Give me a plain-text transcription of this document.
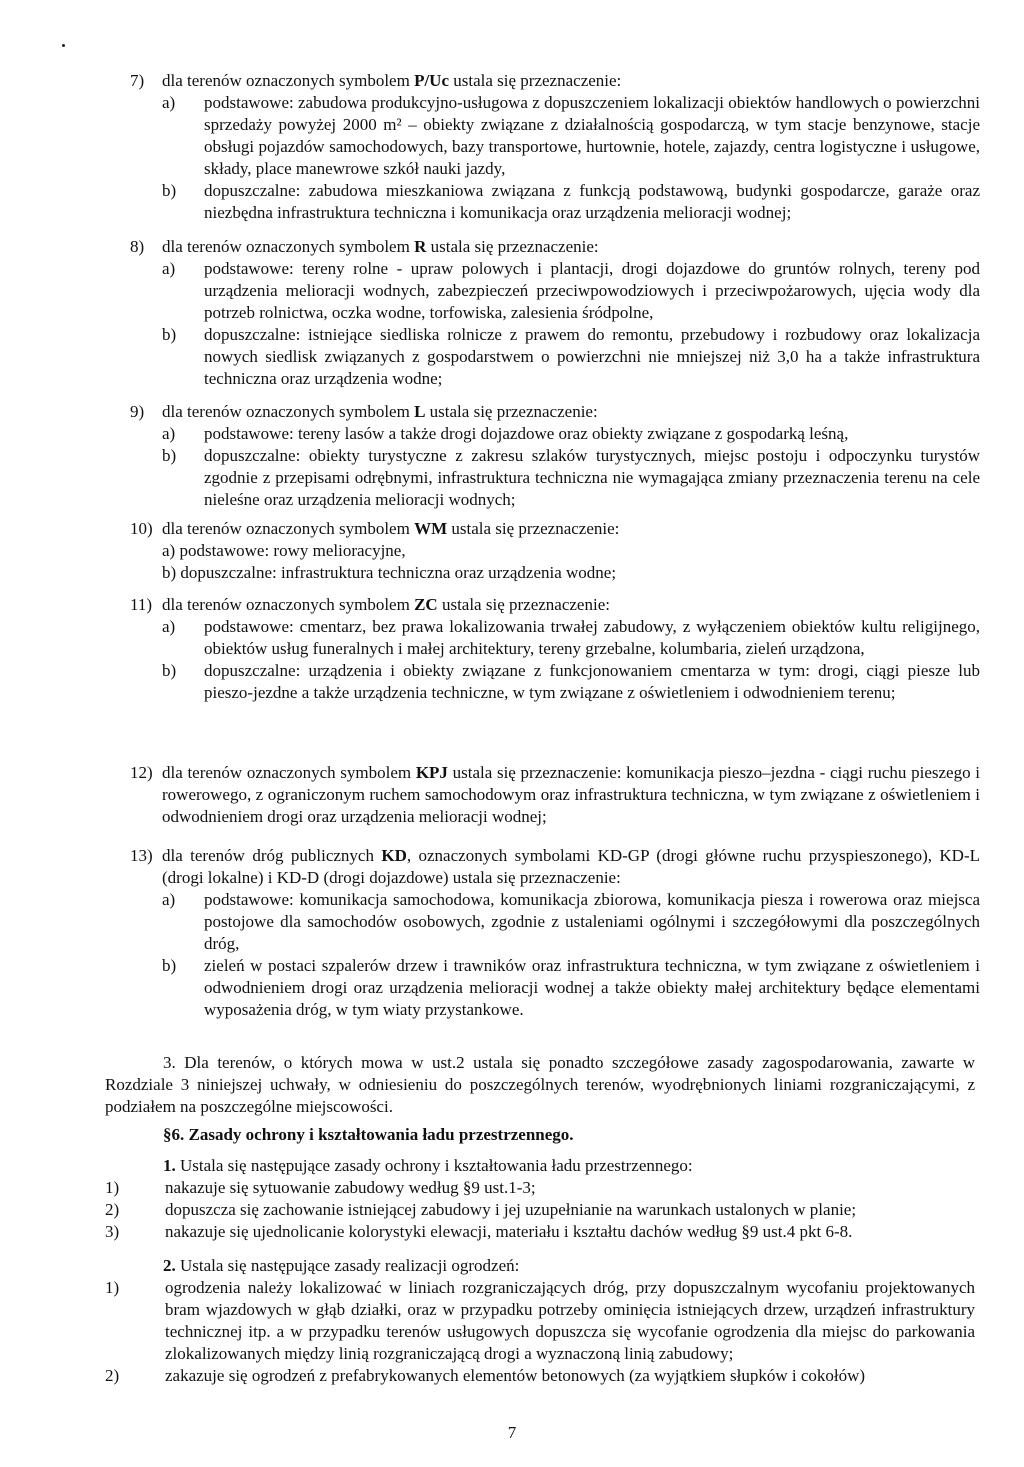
7) dla terenów oznaczonych symbolem P/Uc ustala się przeznaczenie:
a) podstawowe: zabudowa produkcyjno-usługowa z dopuszczeniem lokalizacji obiektów handlowych o powierzchni sprzedaży powyżej 2000 m² – obiekty związane z działalnością gospodarczą, w tym stacje benzynowe, stacje obsługi pojazdów samochodowych, bazy transportowe, hurtownie, hotele, zajazdy, centra logistyczne i usługowe, składy, place manewrowe szkół nauki jazdy,
b) dopuszczalne: zabudowa mieszkaniowa związana z funkcją podstawową, budynki gospodarcze, garaże oraz niezbędna infrastruktura techniczna i komunikacja oraz urządzenia melioracji wodnej;
8) dla terenów oznaczonych symbolem R ustala się przeznaczenie:
a) podstawowe: tereny rolne - upraw polowych i plantacji, drogi dojazdowe do gruntów rolnych, tereny pod urządzenia melioracji wodnych, zabezpieczeń przeciwpowodziowych i przeciwpożarowych, ujęcia wody dla potrzeb rolnictwa, oczka wodne, torfowiska, zalesienia śródpolne,
b) dopuszczalne: istniejące siedliska rolnicze z prawem do remontu, przebudowy i rozbudowy oraz lokalizacja nowych siedlisk związanych z gospodarstwem o powierzchni nie mniejszej niż 3,0 ha a także infrastruktura techniczna oraz urządzenia wodne;
9) dla terenów oznaczonych symbolem L ustala się przeznaczenie:
a) podstawowe: tereny lasów a także drogi dojazdowe oraz obiekty związane z gospodarką leśną,
b) dopuszczalne: obiekty turystyczne z zakresu szlaków turystycznych, miejsc postoju i odpoczynku turystów zgodnie z przepisami odrębnymi, infrastruktura techniczna nie wymagająca zmiany przeznaczenia terenu na cele nieleśne oraz urządzenia melioracji wodnych;
10) dla terenów oznaczonych symbolem WM ustala się przeznaczenie:
a) podstawowe: rowy melioracyjne,
b) dopuszczalne: infrastruktura techniczna oraz urządzenia wodne;
11) dla terenów oznaczonych symbolem ZC ustala się przeznaczenie:
a) podstawowe: cmentarz, bez prawa lokalizowania trwałej zabudowy, z wyłączeniem obiektów kultu religijnego, obiektów usług funeralnych i małej architektury, tereny grzebalne, kolumbaria, zieleń urządzona,
b) dopuszczalne: urządzenia i obiekty związane z funkcjonowaniem cmentarza w tym: drogi, ciągi piesze lub pieszo-jezdne a także urządzenia techniczne, w tym związane z oświetleniem i odwodnieniem terenu;
12) dla terenów oznaczonych symbolem KPJ ustala się przeznaczenie: komunikacja pieszo–jezdna - ciągi ruchu pieszego i rowerowego, z ograniczonym ruchem samochodowym oraz infrastruktura techniczna, w tym związane z oświetleniem i odwodnieniem drogi oraz urządzenia melioracji wodnej;
13) dla terenów dróg publicznych KD, oznaczonych symbolami KD-GP (drogi główne ruchu przyspieszonego), KD-L (drogi lokalne) i KD-D (drogi dojazdowe) ustala się przeznaczenie:
a) podstawowe: komunikacja samochodowa, komunikacja zbiorowa, komunikacja piesza i rowerowa oraz miejsca postojowe dla samochodów osobowych, zgodnie z ustaleniami ogólnymi i szczegółowymi dla poszczególnych dróg,
b) zieleń w postaci szpalerów drzew i trawników oraz infrastruktura techniczna, w tym związane z oświetleniem i odwodnieniem drogi oraz urządzenia melioracji wodnej a także obiekty małej architektury będące elementami wyposażenia dróg, w tym wiaty przystankowe.
3. Dla terenów, o których mowa w ust.2 ustala się ponadto szczegółowe zasady zagospodarowania, zawarte w Rozdziale 3 niniejszej uchwały, w odniesieniu do poszczególnych terenów, wyodrębnionych liniami rozgraniczającymi, z podziałem na poszczególne miejscowości.
§6. Zasady ochrony i kształtowania ładu przestrzennego.
1. Ustala się następujące zasady ochrony i kształtowania ładu przestrzennego:
1)	nakazuje się sytuowanie zabudowy według §9 ust.1-3;
2)	dopuszcza się zachowanie istniejącej zabudowy i jej uzupełnianie na warunkach ustalonych w planie;
3)	nakazuje się ujednolicanie kolorystyki elewacji, materiału i kształtu dachów według §9 ust.4 pkt 6-8.
2. Ustala się następujące zasady realizacji ogrodzeń:
1)	ogrodzenia należy lokalizować w liniach rozgraniczających dróg, przy dopuszczalnym wycofaniu projektowanych bram wjazdowych w głąb działki, oraz w przypadku potrzeby ominięcia istniejących drzew, urządzeń infrastruktury technicznej itp. a w przypadku terenów usługowych dopuszcza się wycofanie ogrodzenia dla miejsc do parkowania zlokalizowanych między linią rozgraniczającą drogi a wyznaczoną linią zabudowy;
2)	zakazuje się ogrodzeń z prefabrykowanych elementów betonowych (za wyjątkiem słupków i cokołów)
7
